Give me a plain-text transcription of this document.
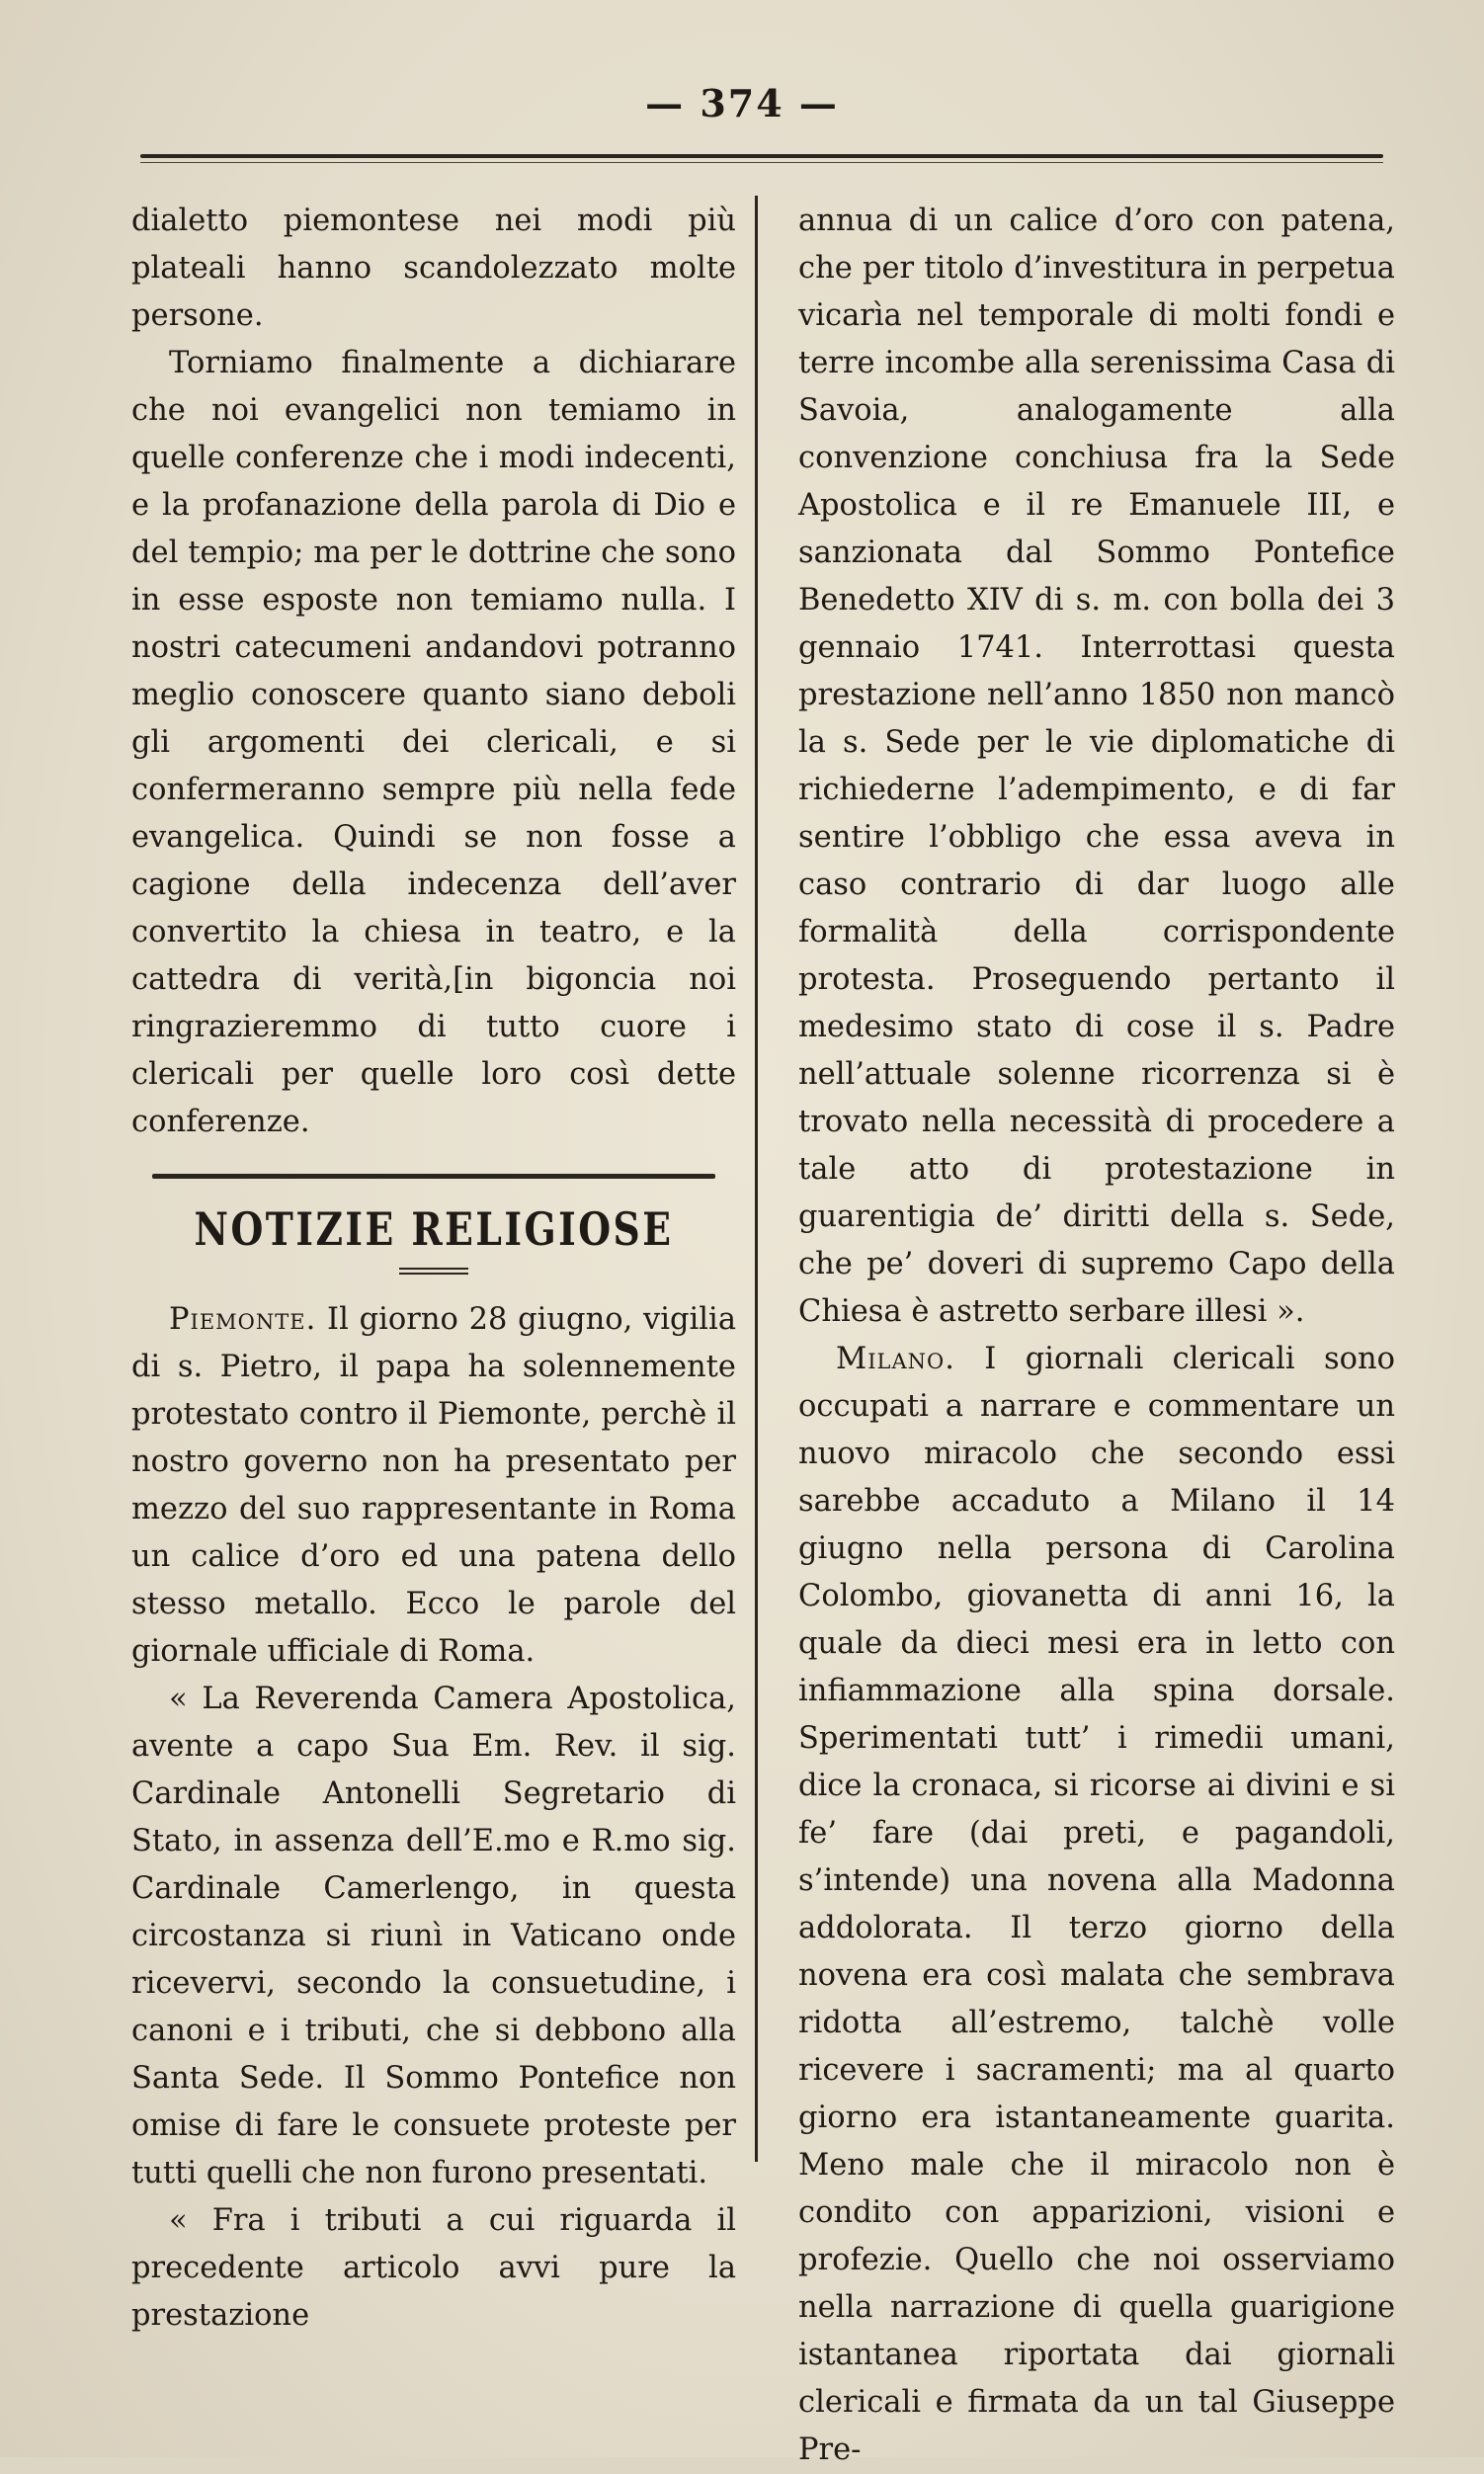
— 374 —

dialetto piemontese nei modi più plateali hanno scandolezzato molte persone.

Torniamo finalmente a dichiarare che noi evangelici non temiamo in quelle conferenze che i modi indecenti, e la profanazione della parola di Dio e del tempio; ma per le dottrine che sono in esse esposte non temiamo nulla. I nostri catecumeni andandovi potranno meglio conoscere quanto siano deboli gli argomenti dei clericali, e si confermeranno sempre più nella fede evangelica. Quindi se non fosse a cagione della indecenza dell’aver convertito la chiesa in teatro, e la cattedra di verità,[in bigoncia noi ringrazieremmo di tutto cuore i clericali per quelle loro così dette conferenze.

NOTIZIE RELIGIOSE

Piemonte. Il giorno 28 giugno, vigilia di s. Pietro, il papa ha solennemente protestato contro il Piemonte, perchè il nostro governo non ha presentato per mezzo del suo rappresentante in Roma un calice d’oro ed una patena dello stesso metallo. Ecco le parole del giornale ufficiale di Roma.

« La Reverenda Camera Apostolica, avente a capo Sua Em. Rev. il sig. Cardinale Antonelli Segretario di Stato, in assenza dell’E.mo e R.mo sig. Cardinale Camerlengo, in questa circostanza si riunì in Vaticano onde ricevervi, secondo la consuetudine, i canoni e i tributi, che si debbono alla Santa Sede. Il Sommo Pontefice non omise di fare le consuete proteste per tutti quelli che non furono presentati.

« Fra i tributi a cui riguarda il precedente articolo avvi pure la prestazione

annua di un calice d’oro con patena, che per titolo d’investitura in perpetua vicarìa nel temporale di molti fondi e terre incombe alla serenissima Casa di Savoia, analogamente alla convenzione conchiusa fra la Sede Apostolica e il re Emanuele III, e sanzionata dal Sommo Pontefice Benedetto XIV di s. m. con bolla dei 3 gennaio 1741. Interrottasi questa prestazione nell’anno 1850 non mancò la s. Sede per le vie diplomatiche di richiederne l’adempimento, e di far sentire l’obbligo che essa aveva in caso contrario di dar luogo alle formalità della corrispondente protesta. Proseguendo pertanto il medesimo stato di cose il s. Padre nell’attuale solenne ricorrenza si è trovato nella necessità di procedere a tale atto di protestazione in guarentigia de’ diritti della s. Sede, che pe’ doveri di supremo Capo della Chiesa è astretto serbare illesi ».

Milano. I giornali clericali sono occupati a narrare e commentare un nuovo miracolo che secondo essi sarebbe accaduto a Milano il 14 giugno nella persona di Carolina Colombo, giovanetta di anni 16, la quale da dieci mesi era in letto con infiammazione alla spina dorsale. Sperimentati tutt’ i rimedii umani, dice la cronaca, si ricorse ai divini e si fe’ fare (dai preti, e pagandoli, s’intende) una novena alla Madonna addolorata. Il terzo giorno della novena era così malata che sembrava ridotta all’estremo, talchè volle ricevere i sacramenti; ma al quarto giorno era istantaneamente guarita. Meno male che il miracolo non è condito con apparizioni, visioni e profezie. Quello che noi osserviamo nella narrazione di quella guarigione istantanea riportata dai giornali clericali e firmata da un tal Giuseppe Pre-
